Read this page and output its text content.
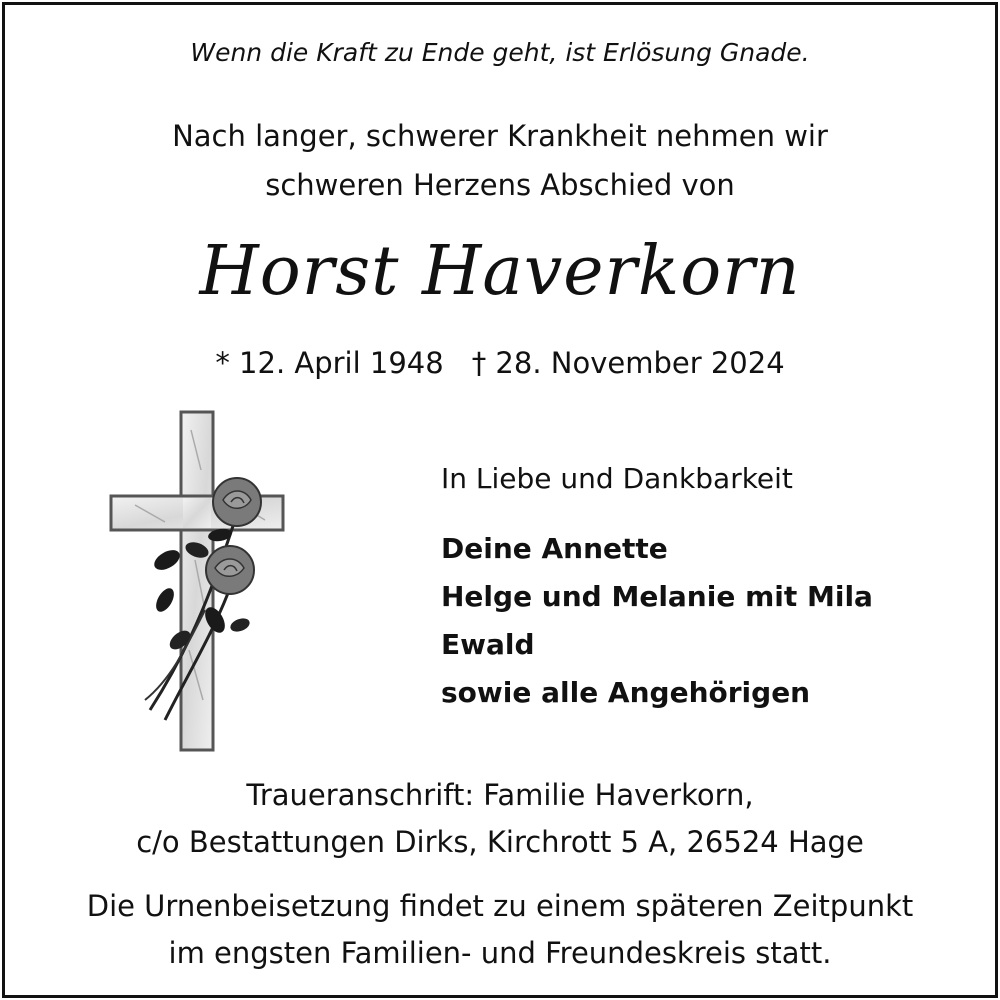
Wenn die Kraft zu Ende geht, ist Erlösung Gnade.
Nach langer, schwerer Krankheit nehmen wir
schweren Herzens Abschied von
Horst Haverkorn
* 12. April 1948 † 28. November 2024
In Liebe und Dankbarkeit
Deine Annette
Helge und Melanie mit Mila
Ewald
sowie alle Angehörigen
Traueranschrift: Familie Haverkorn,
c/o Bestattungen Dirks, Kirchrott 5 A, 26524 Hage
Die Urnenbeisetzung findet zu einem späteren Zeitpunkt
im engsten Familien- und Freundeskreis statt.
